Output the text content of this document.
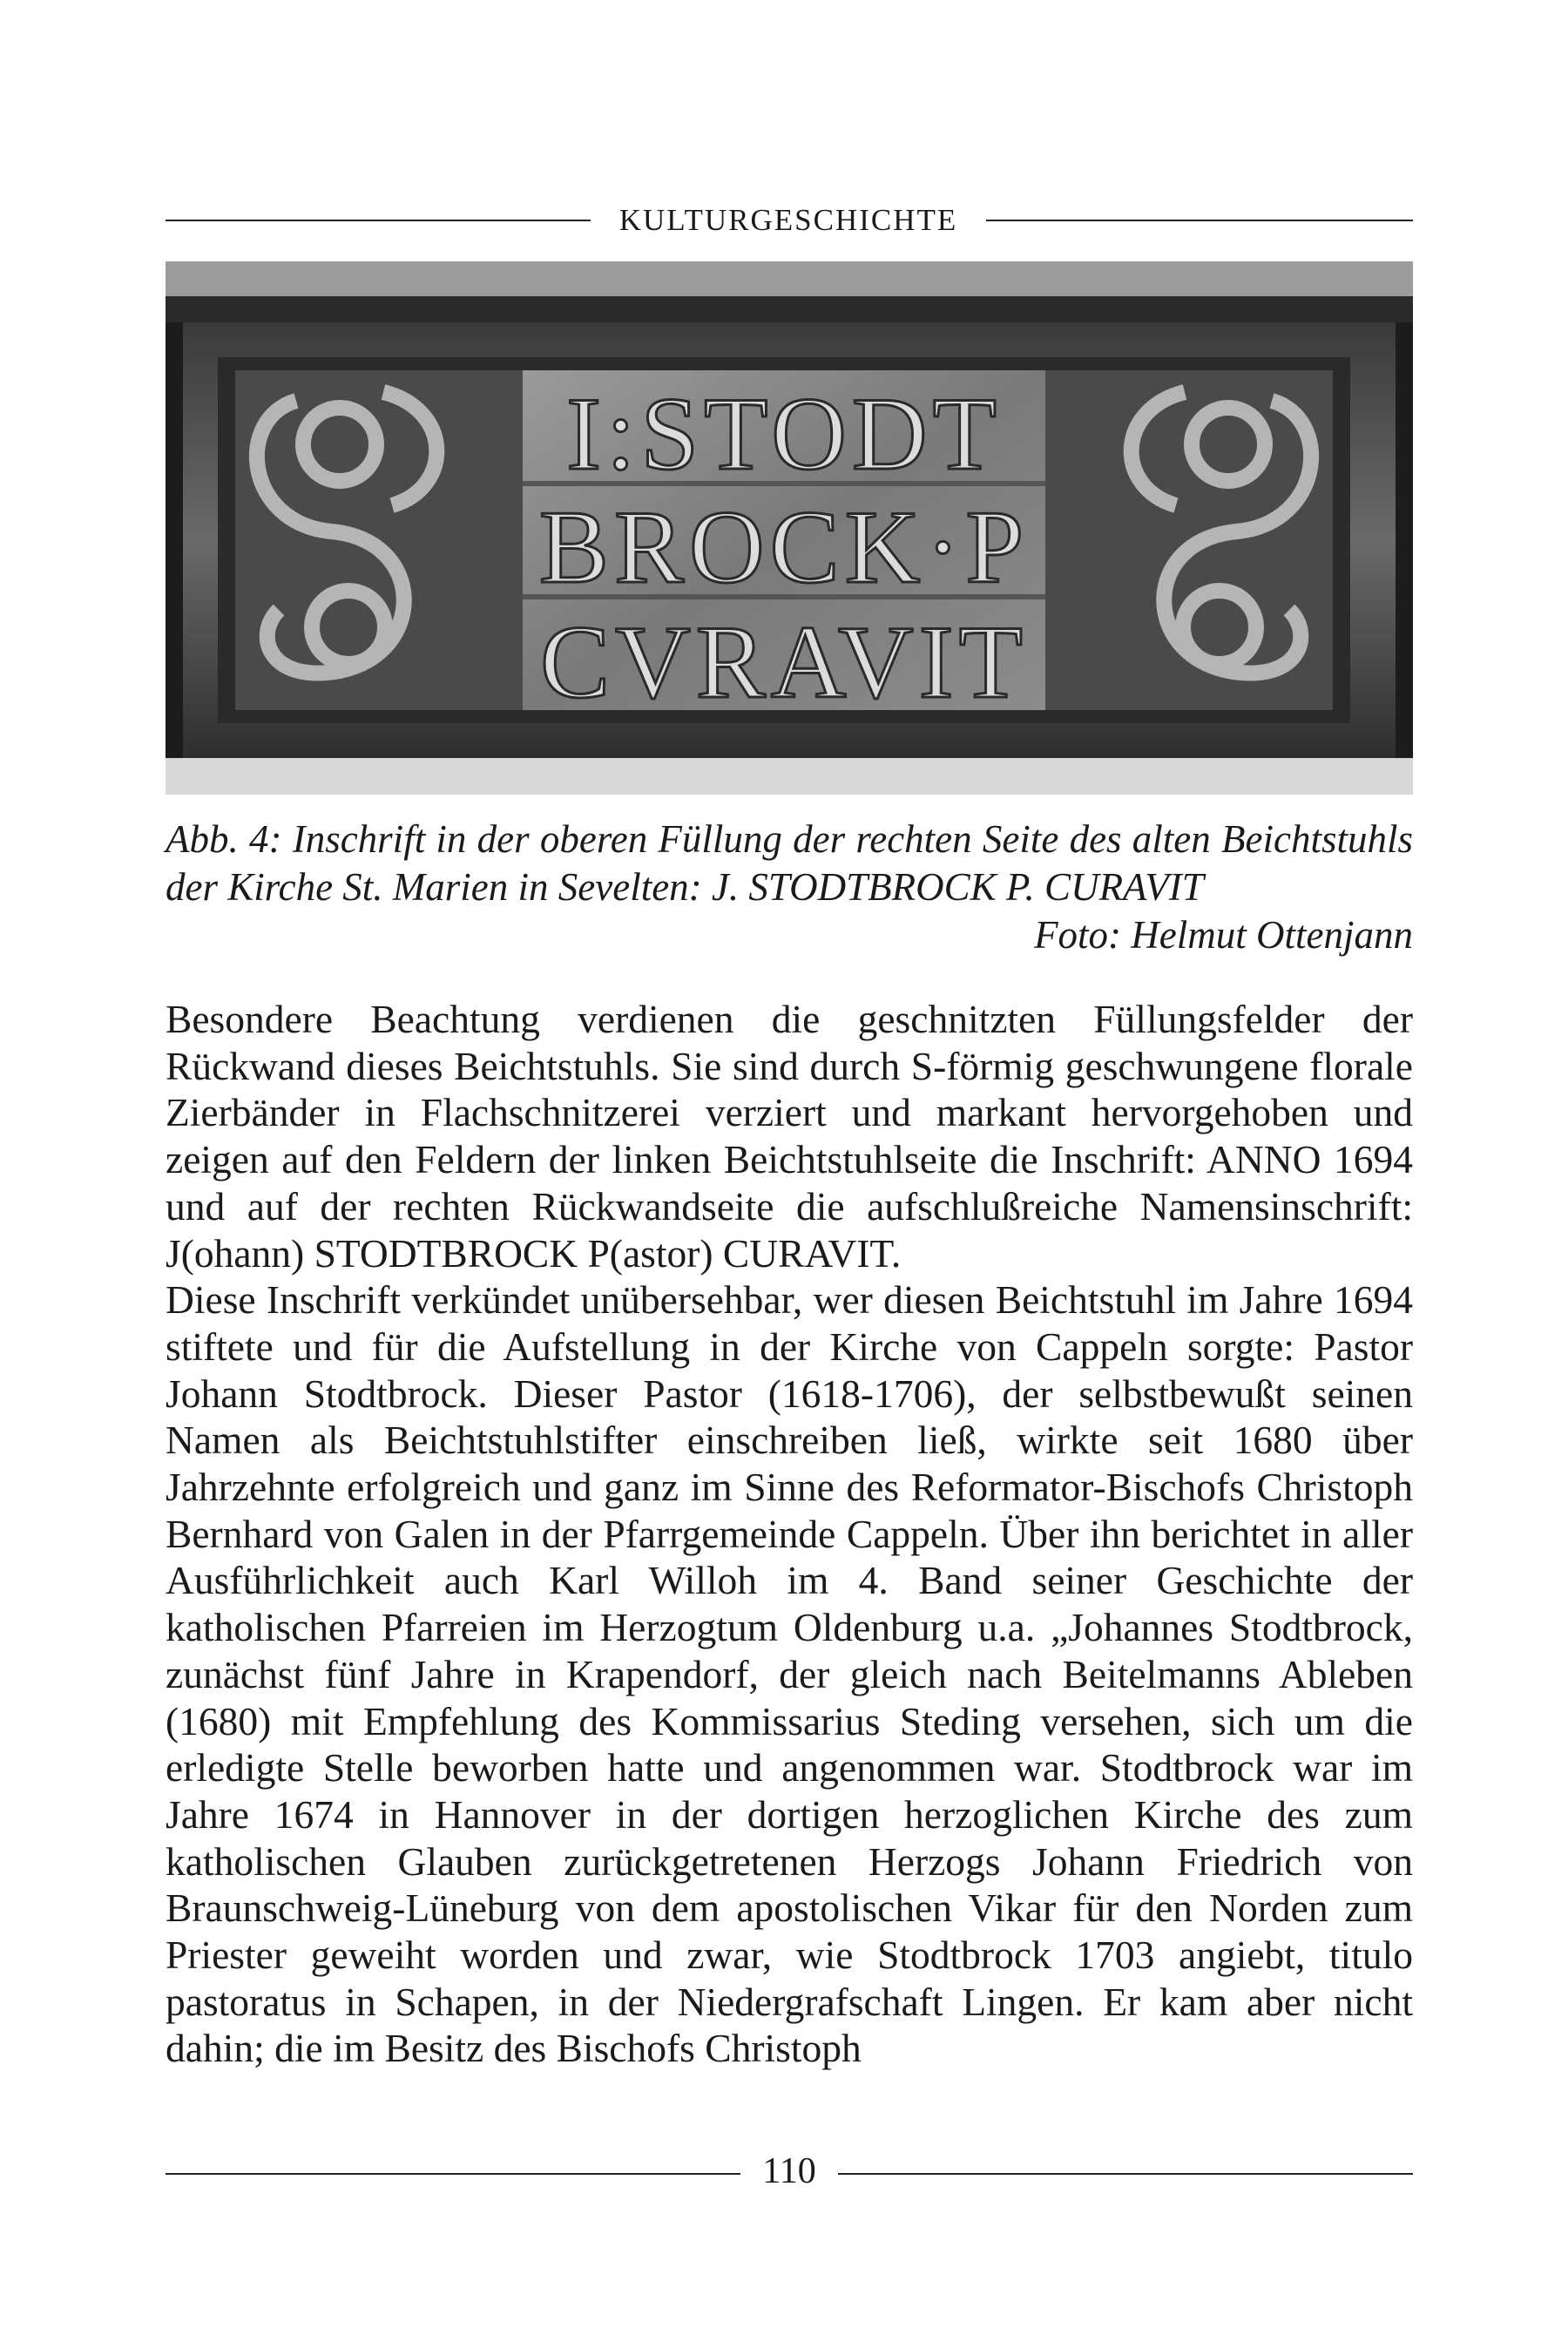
KULTURGESCHICHTE
I:STODT
BROCK·P
CVRAVIT

Abb. 4: Inschrift in der oberen Füllung der rechten Seite des alten Beichtstuhls

der Kirche St. Marien in Sevelten: J. STODTBROCK P. CURAVIT

Foto: Helmut Ottenjann

Besondere Beachtung verdienen die geschnitzten Füllungsfelder der Rückwand dieses Beichtstuhls. Sie sind durch S-förmig geschwungene florale Zierbänder in Flachschnitzerei verziert und markant hervorgehoben und zeigen auf den Feldern der linken Beichtstuhlseite die Inschrift: ANNO 1694 und auf der rechten Rückwandseite die aufschlußreiche Namensinschrift: J(ohann) STODTBROCK P(astor) CURAVIT.

Diese Inschrift verkündet unübersehbar, wer diesen Beichtstuhl im Jahre 1694 stiftete und für die Aufstellung in der Kirche von Cappeln sorgte: Pastor Johann Stodtbrock. Dieser Pastor (1618-1706), der selbstbewußt seinen Namen als Beichtstuhlstifter einschreiben ließ, wirkte seit 1680 über Jahrzehnte erfolgreich und ganz im Sinne des Reformator-Bischofs Christoph Bernhard von Galen in der Pfarrgemeinde Cappeln. Über ihn berichtet in aller Ausführlichkeit auch Karl Willoh im 4. Band seiner Geschichte der katholischen Pfarreien im Herzogtum Oldenburg u.a. „Johannes Stodtbrock, zunächst fünf Jahre in Krapendorf, der gleich nach Beitelmanns Ableben (1680) mit Empfehlung des Kommissarius Steding versehen, sich um die erledigte Stelle beworben hatte und angenommen war. Stodtbrock war im Jahre 1674 in Hannover in der dortigen herzoglichen Kirche des zum katholischen Glauben zurückgetretenen Herzogs Johann Friedrich von Braunschweig-Lüneburg von dem apostolischen Vikar für den Norden zum Priester geweiht worden und zwar, wie Stodtbrock 1703 angiebt, titulo pastoratus in Schapen, in der Niedergrafschaft Lingen. Er kam aber nicht dahin; die im Besitz des Bischofs Christoph

110
